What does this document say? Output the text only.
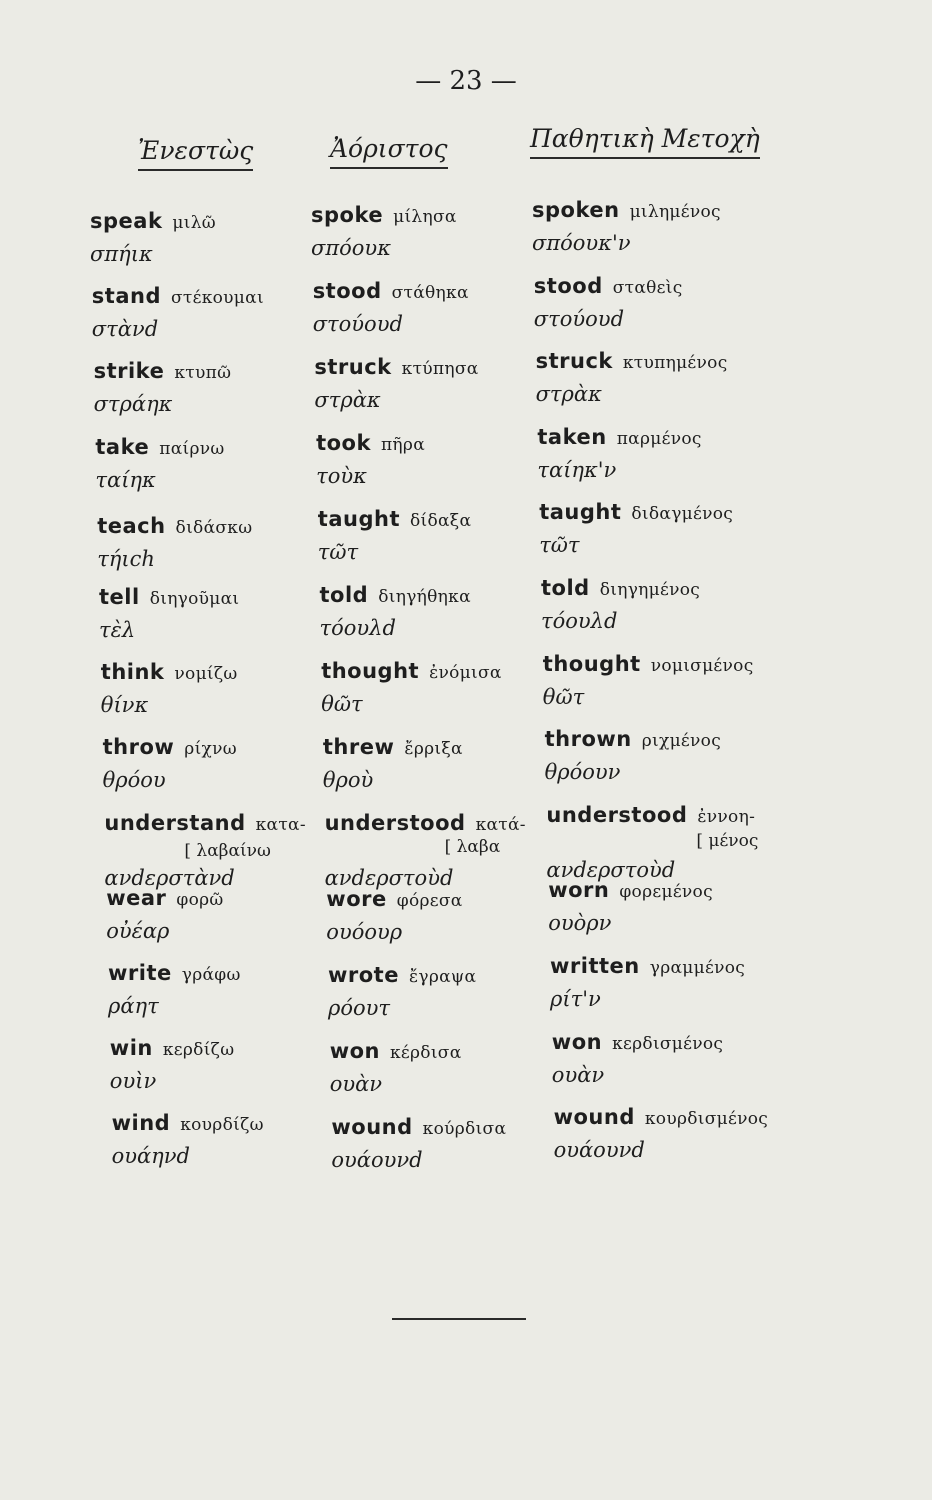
— 23 —
Ἐνεστὼς	Ἀόριστος	Παθητικὴ Μετοχὴ
speak μιλῶ
σπήικ
stand στέκουμαι
στὰνd
strike κτυπῶ
στράηκ
take παίρνω
ταίηκ
teach διδάσκω
τήιch
tell διηγοῦμαι
τὲλ
think νομίζω
θίνκ
throw ρίχνω
θρόου
[ λαβαίνω
understand κατα-
ανdερστὰνd
wear φορῶ
οὐέαρ
write γράφω
ράητ
win κερδίζω
ουὶν
wind κουρδίζω
ουάηνd
spoke μίλησα
σπόουκ
stood στάθηκα
στούουd
struck κτύπησα
στρὰκ
took πῆρα
τοὺκ
taught δίδαξα
τῶτ
told διηγήθηκα
τόουλd
thought ἐνόμισα
θῶτ
threw ἔρριξα
θροὺ
[ λαβα
understood κατά-
ανdερστοὺd
wore φόρεσα
ουόουρ
wrote ἔγραψα
ρόουτ
won κέρδισα
ουὰν
wound κούρδισα
ουάουνd
spoken μιλημένος
σπόουκ'ν
stood σταθεὶς
στούουd
struck κτυπημένος
στρὰκ
taken παρμένος
ταίηκ'ν
taught διδαγμένος
τῶτ
told διηγημένος
τόουλd
thought νομισμένος
θῶτ
thrown ριχμένος
θρόουν
[ μένος
understood ἐννοη-
ανdερστοὺd
worn φορεμένος
ουὸρν
written γραμμένος
ρίτ'ν
won κερδισμένος
ουὰν
wound κουρδισμένος
ουάουνd
